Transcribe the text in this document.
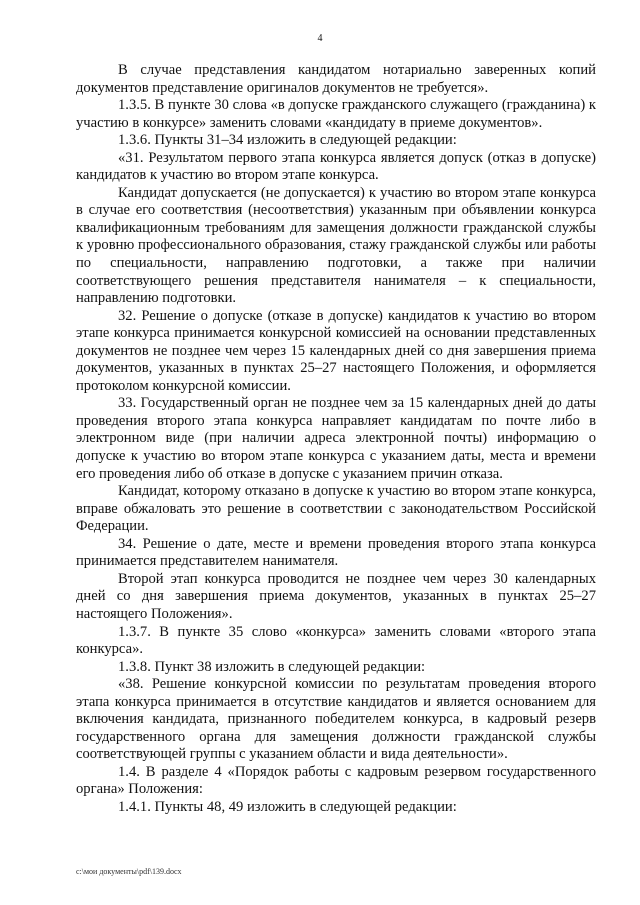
4

В случае представления кандидатом нотариально заверенных копий документов представление оригиналов документов не требуется».

1.3.5. В пункте 30 слова «в допуске гражданского служащего (гражданина) к участию в конкурсе» заменить словами «кандидату в приеме документов».

1.3.6. Пункты 31–34 изложить в следующей редакции:

«31. Результатом первого этапа конкурса является допуск (отказ в допуске) кандидатов к участию во втором этапе конкурса.

Кандидат допускается (не допускается) к участию во втором этапе конкурса в случае его соответствия (несоответствия) указанным при объявлении конкурса квалификационным требованиям для замещения должности гражданской службы к уровню профессионального образования, стажу гражданской службы или работы по специальности, направлению подготовки, а также при наличии соответствующего решения представителя нанимателя – к специальности, направлению подготовки.

32. Решение о допуске (отказе в допуске) кандидатов к участию во втором этапе конкурса принимается конкурсной комиссией на основании представленных документов не позднее чем через 15 календарных дней со дня завершения приема документов, указанных в пунктах 25–27 настоящего Положения, и оформляется протоколом конкурсной комиссии.

33. Государственный орган не позднее чем за 15 календарных дней до даты проведения второго этапа конкурса направляет кандидатам по почте либо в электронном виде (при наличии адреса электронной почты) информацию о допуске к участию во втором этапе конкурса с указанием даты, места и времени его проведения либо об отказе в допуске с указанием причин отказа.

Кандидат, которому отказано в допуске к участию во втором этапе конкурса, вправе обжаловать это решение в соответствии с законодательством Российской Федерации.

34. Решение о дате, месте и времени проведения второго этапа конкурса принимается представителем нанимателя.

Второй этап конкурса проводится не позднее чем через 30 календарных дней со дня завершения приема документов, указанных в пунктах 25–27 настоящего Положения».

1.3.7. В пункте 35 слово «конкурса» заменить словами «второго этапа конкурса».

1.3.8. Пункт 38 изложить в следующей редакции:

«38. Решение конкурсной комиссии по результатам проведения второго этапа конкурса принимается в отсутствие кандидатов и является основанием для включения кандидата, признанного победителем конкурса, в кадровый резерв государственного органа для замещения должности гражданской службы соответствующей группы с указанием области и вида деятельности».

1.4. В разделе 4 «Порядок работы с кадровым резервом государственного органа» Положения:

1.4.1. Пункты 48, 49 изложить в следующей редакции:

c:\мои документы\pdf\139.docx
